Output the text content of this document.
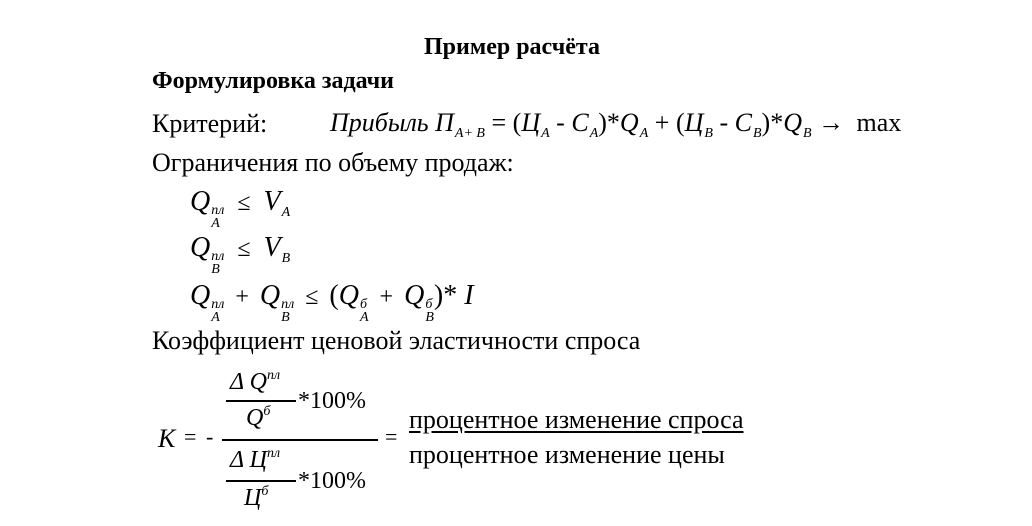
Пример расчёта
Формулировка задачи
Критерий: Прибыль $П_{A+ B} = (Ц_A - С_A)*Q_A + (Ц_B - С_B)*Q_B \to \max$
Ограничения по объему продаж:
Q пл
A
≤ $V_A$
Q пл
B
≤ $V_B$
Q пл
A
+ Q пл
B
≤ (Q б
A
+ Q б
B
)* I
Коэффициент ценовой эластичности спроса
K = -
Δ $Q^{пл}$
$Q^б$ *100%
Δ $Ц^{пл}$
$Ц^б$ *100%
=
процентное изменение спроса
процентное изменение цены
